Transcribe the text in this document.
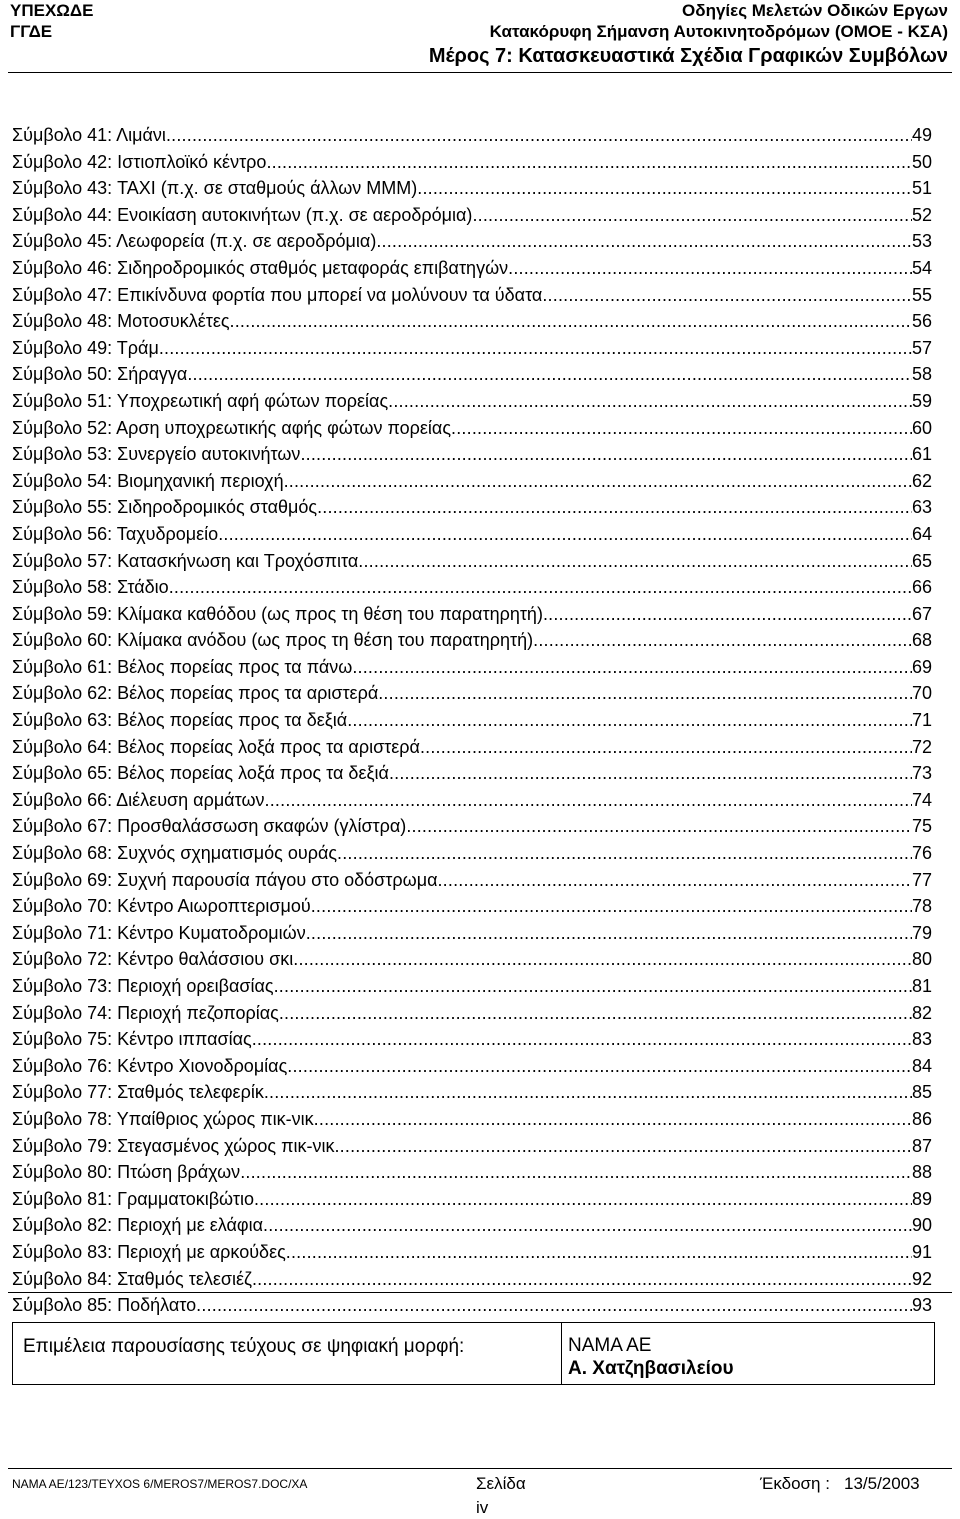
ΥΠΕΧΩΔΕ
ΓΓΔΕ
Οδηγίες Μελετών Οδικών Εργων
Κατακόρυφη Σήμανση Αυτοκινητοδρόμων (ΟΜΟΕ - ΚΣΑ)
Μέρος 7: Κατασκευαστικά Σχέδια Γραφικών Συμβόλων
Σύμβολο 41: Λιμάνι .....	49
Σύμβολο 42: Ιστιοπλοϊκό κέντρο .....	50
Σύμβολο 43: TAXI (π.χ. σε σταθμούς άλλων ΜΜΜ) .....	51
Σύμβολο 44: Ενοικίαση αυτοκινήτων (π.χ. σε αεροδρόμια) .....	52
Σύμβολο 45: Λεωφορεία (π.χ. σε αεροδρόμια) .....	53
Σύμβολο 46: Σιδηροδρομικός σταθμός μεταφοράς επιβατηγών .....	54
Σύμβολο 47: Επικίνδυνα φορτία που μπορεί να μολύνουν τα ύδατα .....	55
Σύμβολο 48: Μοτοσυκλέτες .....	56
Σύμβολο 49: Τράμ .....	57
Σύμβολο 50: Σήραγγα .....	58
Σύμβολο 51: Υποχρεωτική αφή φώτων πορείας .....	59
Σύμβολο 52: Αρση υποχρεωτικής αφής φώτων πορείας .....	60
Σύμβολο 53: Συνεργείο αυτοκινήτων .....	61
Σύμβολο 54: Βιομηχανική περιοχή .....	62
Σύμβολο 55: Σιδηροδρομικός σταθμός .....	63
Σύμβολο 56: Ταχυδρομείο .....	64
Σύμβολο 57: Κατασκήνωση και Τροχόσπιτα .....	65
Σύμβολο 58: Στάδιο .....	66
Σύμβολο 59: Κλίμακα καθόδου (ως προς τη θέση του παρατηρητή) .....	67
Σύμβολο 60: Κλίμακα ανόδου (ως προς τη θέση του παρατηρητή) .....	68
Σύμβολο 61: Βέλος πορείας προς τα πάνω .....	69
Σύμβολο 62: Βέλος πορείας προς τα αριστερά .....	70
Σύμβολο 63: Βέλος πορείας προς τα δεξιά .....	71
Σύμβολο 64: Βέλος πορείας λοξά προς τα αριστερά .....	72
Σύμβολο 65: Βέλος πορείας λοξά προς τα δεξιά .....	73
Σύμβολο 66: Διέλευση αρμάτων .....	74
Σύμβολο 67: Προσθαλάσσωση σκαφών (γλίστρα) .....	75
Σύμβολο 68: Συχνός σχηματισμός ουράς .....	76
Σύμβολο 69: Συχνή παρουσία πάγου στο οδόστρωμα .....	77
Σύμβολο 70: Κέντρο Αιωροπτερισμού .....	78
Σύμβολο 71: Κέντρο Κυματοδρομιών .....	79
Σύμβολο 72: Κέντρο θαλάσσιου σκι .....	80
Σύμβολο 73: Περιοχή ορειβασίας .....	81
Σύμβολο 74: Περιοχή πεζοπορίας .....	82
Σύμβολο 75: Κέντρο ιππασίας .....	83
Σύμβολο 76: Κέντρο Χιονοδρομίας .....	84
Σύμβολο 77: Σταθμός τελεφερίκ .....	85
Σύμβολο 78: Υπαίθριος χώρος πικ-νικ .....	86
Σύμβολο 79: Στεγασμένος χώρος πικ-νικ .....	87
Σύμβολο 80: Πτώση βράχων .....	88
Σύμβολο 81: Γραμματοκιβώτιο .....	89
Σύμβολο 82: Περιοχή με ελάφια .....	90
Σύμβολο 83: Περιοχή με αρκούδες .....	91
Σύμβολο 84: Σταθμός τελεσιέζ .....	92
Σύμβολο 85: Ποδήλατο .....	93
Επιμέλεια παρουσίασης τεύχους σε ψηφιακή μορφή:	NAMA AE
Α. Χατζηβασιλείου
NAMA AE/123/TEYXOS 6/MEROS7/MEROS7.DOC/XA	Σελίδα
iv
Έκδοση : 13/5/2003
